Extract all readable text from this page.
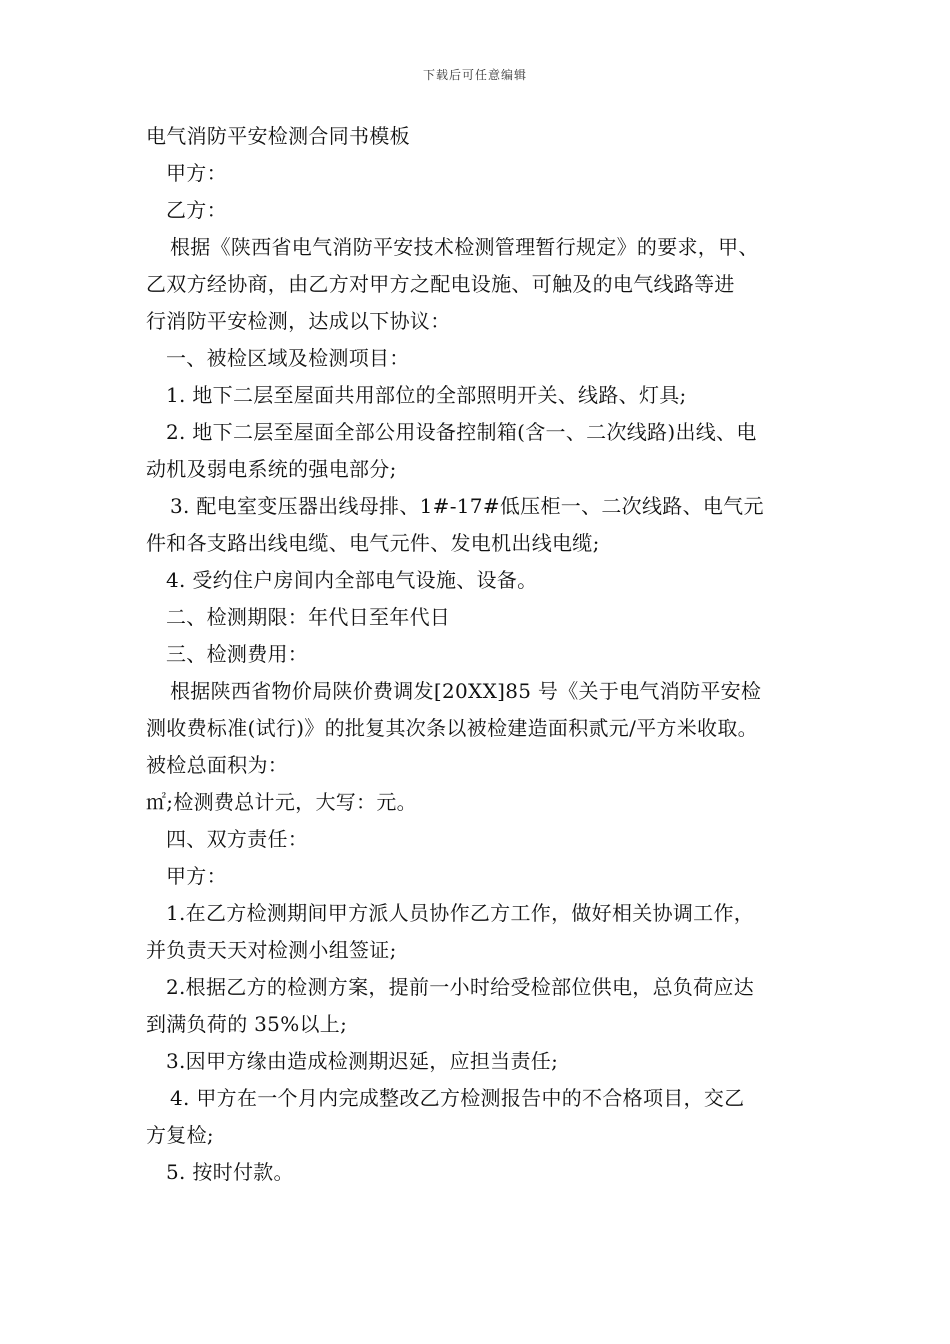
下载后可任意编辑
电气消防平安检测合同书模板
甲方：
乙方：
根据《陕西省电气消防平安技术检测管理暂行规定》的要求，甲、
乙双方经协商，由乙方对甲方之配电设施、可触及的电气线路等进
行消防平安检测，达成以下协议：
一、被检区域及检测项目：
1. 地下二层至屋面共用部位的全部照明开关、线路、灯具;
2. 地下二层至屋面全部公用设备控制箱(含一、二次线路)出线、电
动机及弱电系统的强电部分;
3. 配电室变压器出线母排、1#-17#低压柜一、二次线路、电气元
件和各支路出线电缆、电气元件、发电机出线电缆;
4. 受约住户房间内全部电气设施、设备。
二、检测期限：年代日至年代日
三、检测费用：
根据陕西省物价局陕价费调发[20XX]85 号《关于电气消防平安检
测收费标准(试行)》的批复其次条以被检建造面积贰元/平方米收取。
被检总面积为：
㎡;检测费总计元，大写：元。
四、双方责任：
甲方：
1.在乙方检测期间甲方派人员协作乙方工作，做好相关协调工作，
并负责天天对检测小组签证;
2.根据乙方的检测方案，提前一小时给受检部位供电，总负荷应达
到满负荷的 35%以上;
3.因甲方缘由造成检测期迟延，应担当责任;
4. 甲方在一个月内完成整改乙方检测报告中的不合格项目，交乙
方复检;
5. 按时付款。
